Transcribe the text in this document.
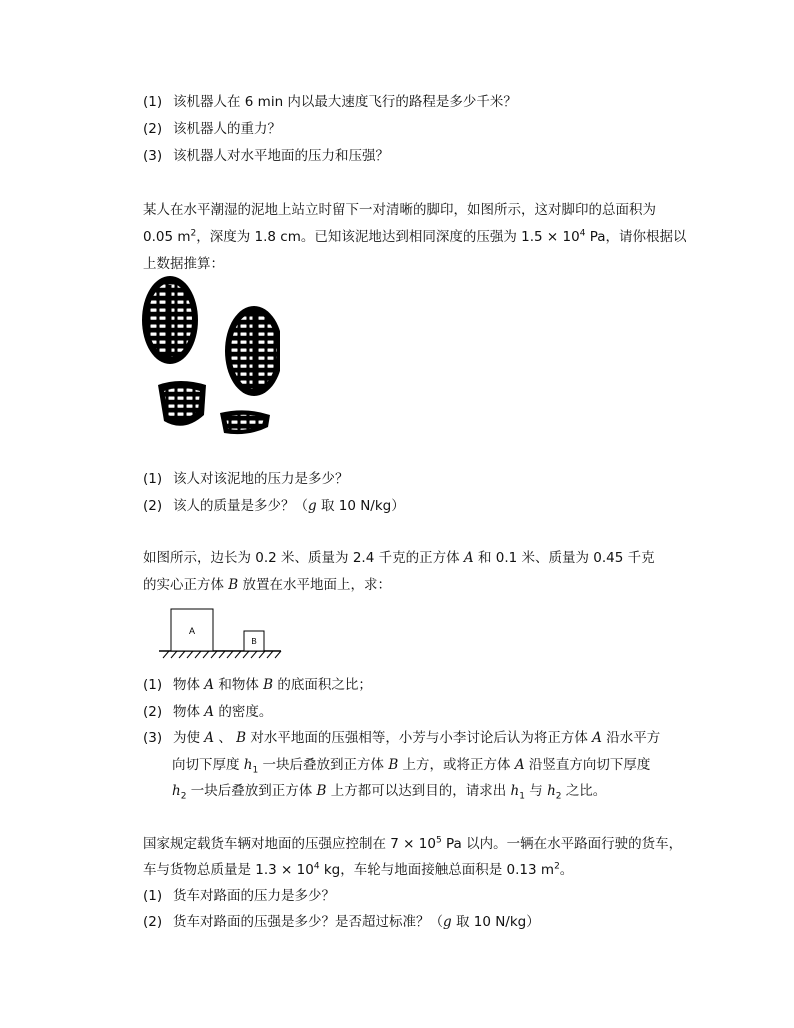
(1) 该机器人在 6 min 内以最大速度飞行的路程是多少千米？
(2) 该机器人的重力？
(3) 该机器人对水平地面的压力和压强？
某人在水平潮湿的泥地上站立时留下一对清晰的脚印，如图所示，这对脚印的总面积为
0.05 $m^2$，深度为 1.8 cm。已知该泥地达到相同深度的压强为 $1.5 \times 10^4$ Pa，请你根据以
上数据推算：
(1) 该人对该泥地的压力是多少？
(2) 该人的质量是多少？（g 取 10 N/kg）
如图所示，边长为 0.2 米、质量为 2.4 千克的正方体 A 和 0.1 米、质量为 0.45 千克
的实心正方体 B 放置在水平地面上，求：
A
B
(1) 物体 A 和物体 B 的底面积之比；
(2) 物体 A 的密度。
(3) 为使 A 、 B 对水平地面的压强相等，小芳与小李讨论后认为将正方体 A 沿水平方
向切下厚度 $h_1$ 一块后叠放到正方体 B 上方，或将正方体 A 沿竖直方向切下厚度
$h_2$ 一块后叠放到正方体 B 上方都可以达到目的，请求出 $h_1$ 与 $h_2$ 之比。
国家规定载货车辆对地面的压强应控制在 $7 \times 10^5$ Pa 以内。一辆在水平路面行驶的货车，
车与货物总质量是 $1.3 \times 10^4$ kg，车轮与地面接触总面积是 0.13 $m^2$。
(1) 货车对路面的压力是多少？
(2) 货车对路面的压强是多少？是否超过标准？（g 取 10 N/kg）
